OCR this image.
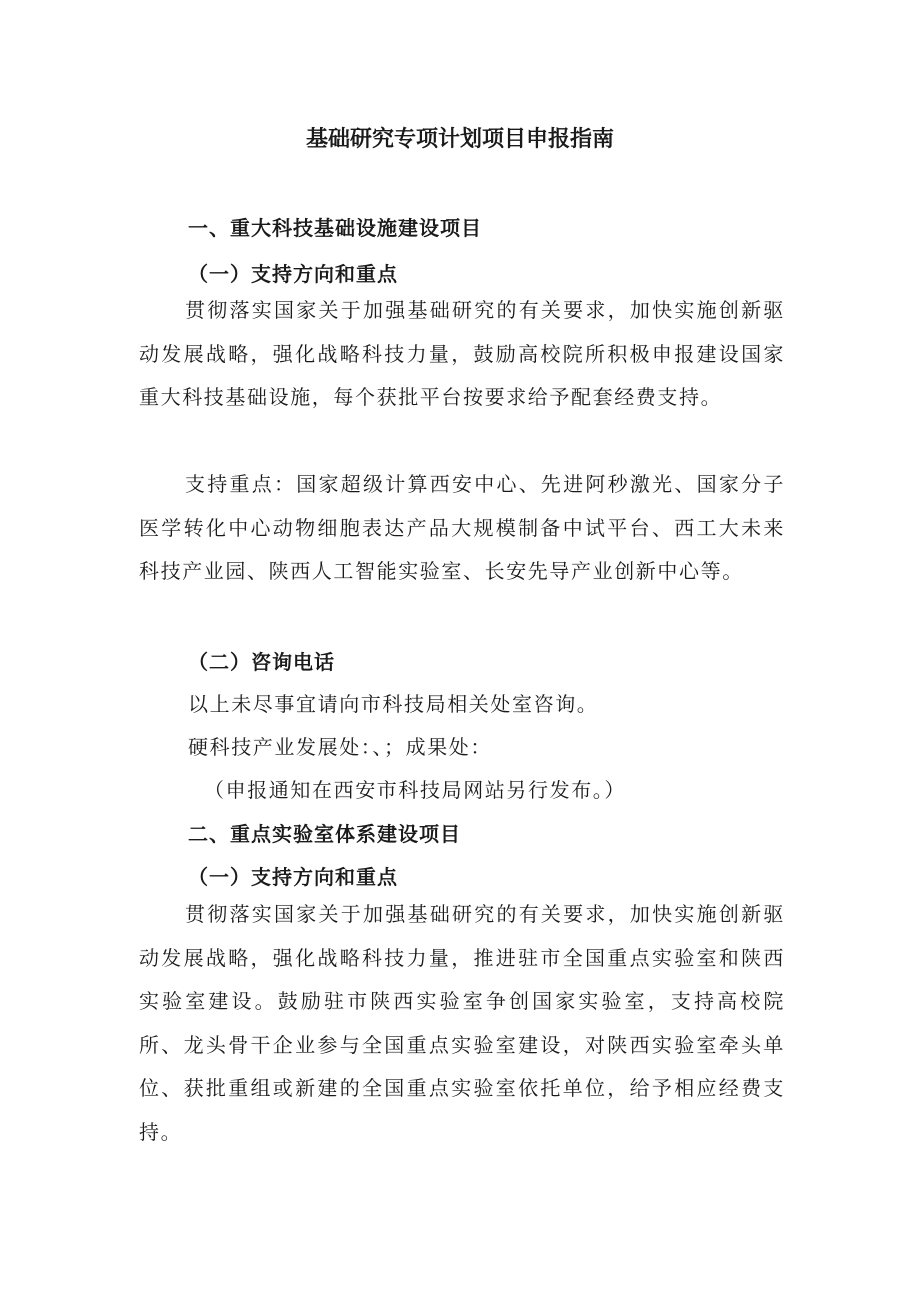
基础研究专项计划项目申报指南
一、重大科技基础设施建设项目
（一）支持方向和重点

贯彻落实国家关于加强基础研究的有关要求，加快实施创新驱动发展战略，强化战略科技力量，鼓励高校院所积极申报建设国家重大科技基础设施，每个获批平台按要求给予配套经费支持。

支持重点：国家超级计算西安中心、先进阿秒激光、国家分子医学转化中心动物细胞表达产品大规模制备中试平台、西工大未来科技产业园、陕西人工智能实验室、长安先导产业创新中心等。

（二）咨询电话

以上未尽事宜请向市科技局相关处室咨询。

硬科技产业发展处：、；成果处：

（申报通知在西安市科技局网站另行发布。）

二、重点实验室体系建设项目
（一）支持方向和重点

贯彻落实国家关于加强基础研究的有关要求，加快实施创新驱动发展战略，强化战略科技力量，推进驻市全国重点实验室和陕西实验室建设。鼓励驻市陕西实验室争创国家实验室，支持高校院所、龙头骨干企业参与全国重点实验室建设，对陕西实验室牵头单位、获批重组或新建的全国重点实验室依托单位，给予相应经费支持。
